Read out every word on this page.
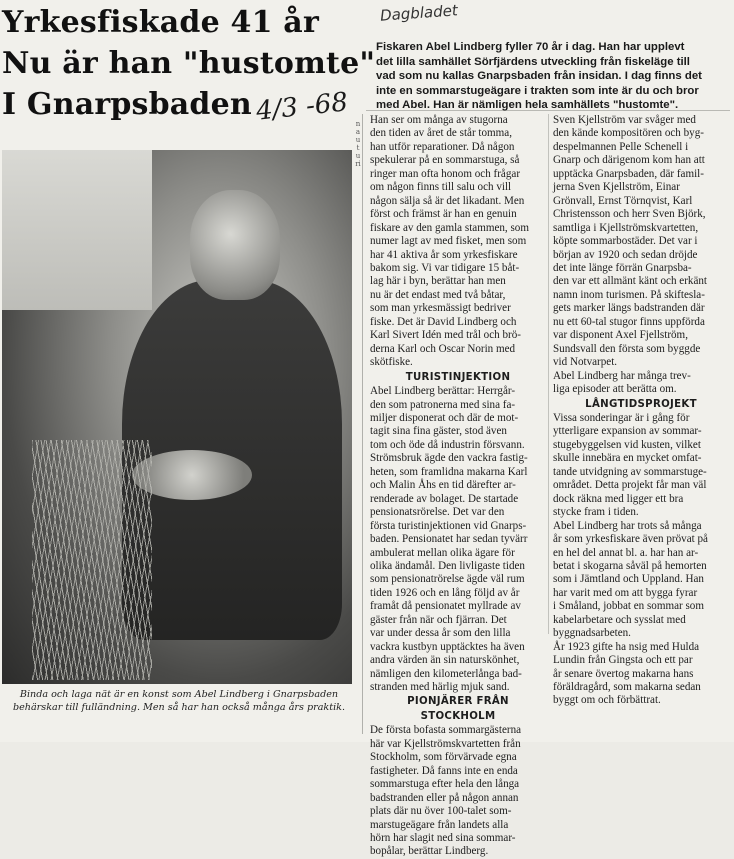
Yrkesfiskade 41 år
Nu är han "hustomte"
I Gnarpsbaden 4/3 -68
Dagbladet
Binda och laga nät är en konst som Abel Lindberg i Gnarpsbaden behärskar till fulländning. Men så har han också många års praktik.
nauturi
Fiskaren Abel Lindberg fyller 70 år i dag. Han har upplevt
det lilla samhället Sörfjärdens utveckling från fiskeläge till
vad som nu kallas Gnarpsbaden från insidan. I dag finns det
inte en sommarstugeägare i trakten som inte är du och bror
med Abel. Han är nämligen hela samhällets "hustomte".
Han ser om många av stugorna
den tiden av året de står tomma,
han utför reparationer. Då någon
spekulerar på en sommarstuga, så
ringer man ofta honom och frågar
om någon finns till salu och vill
någon sälja så är det likadant. Men
först och främst är han en genuin
fiskare av den gamla stammen, som
numer lagt av med fisket, men som
har 41 aktiva år som yrkesfiskare
bakom sig. Vi var tidigare 15 båt-
lag här i byn, berättar han men
nu är det endast med två båtar,
som man yrkesmässigt bedriver
fiske. Det är David Lindberg och
Karl Sivert Idén med trål och brö-
derna Karl och Oscar Norin med
skötfiske.
TURISTINJEKTION
Abel Lindberg berättar: Herrgår-
den som patronerna med sina fa-
miljer disponerat och där de mot-
tagit sina fina gäster, stod även
tom och öde då industrin försvann.
Strömsbruk ägde den vackra fastig-
heten, som framlidna makarna Karl
och Malin Åhs en tid därefter ar-
renderade av bolaget. De startade
pensionatsrörelse. Det var den
första turistinjektionen vid Gnarps-
baden. Pensionatet har sedan tyvärr
ambulerat mellan olika ägare för
olika ändamål. Den livligaste tiden
som pensionatrörelse ägde väl rum
tiden 1926 och en lång följd av år
framåt då pensionatet myllrade av
gäster från när och fjärran. Det
var under dessa år som den lilla
vackra kustbyn upptäcktes ha även
andra värden än sin naturskönhet,
nämligen den kilometerlånga bad-
stranden med härlig mjuk sand.
PIONJÄRER FRÅN
STOCKHOLM
De första bofasta sommargästerna
här var Kjellströmskvartetten från
Stockholm, som förvärvade egna
fastigheter. Då fanns inte en enda
sommarstuga efter hela den långa
badstranden eller på någon annan
plats där nu över 100-talet som-
marstugeägare från landets alla
hörn har slagit ned sina sommar-
bopålar, berättar Lindberg.
Sven Kjellström var svåger med
den kände kompositören och byg-
despelmannen Pelle Schenell i
Gnarp och därigenom kom han att
upptäcka Gnarpsbaden, där famil-
jerna Sven Kjellström, Einar
Grönvall, Ernst Törnqvist, Karl
Christensson och herr Sven Björk,
samtliga i Kjellströmskvartetten,
köpte sommarbostäder. Det var i
början av 1920 och sedan dröjde
det inte länge förrän Gnarpsba-
den var ett allmänt känt och erkänt
namn inom turismen. På skiftesla-
gets marker längs badstranden där
nu ett 60-tal stugor finns uppförda
var disponent Axel Fjellström,
Sundsvall den första som byggde
vid Notvarpet.
Abel Lindberg har många trev-
liga episoder att berätta om.
LÅNGTIDSPROJEKT
Vissa sonderingar är i gång för
ytterligare expansion av sommar-
stugebyggelsen vid kusten, vilket
skulle innebära en mycket omfat-
tande utvidgning av sommarstuge-
området. Detta projekt får man väl
dock räkna med ligger ett bra
stycke fram i tiden.
Abel Lindberg har trots så många
år som yrkesfiskare även prövat på
en hel del annat bl. a. har han ar-
betat i skogarna såväl på hemorten
som i Jämtland och Uppland. Han
har varit med om att bygga fyrar
i Småland, jobbat en sommar som
kabelarbetare och sysslat med
byggnadsarbeten.
År 1923 gifte ha nsig med Hulda
Lundin från Gingsta och ett par
år senare övertog makarna hans
föräldragård, som makarna sedan
byggt om och förbättrat.
